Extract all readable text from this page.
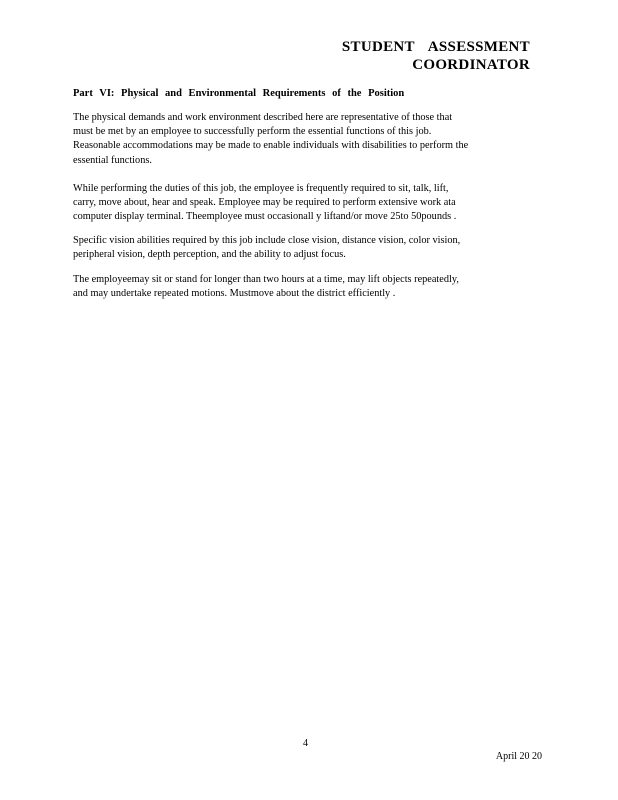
STUDENT ASSESSMENT
COORDINATOR
Part VI: Physical and Environmental Requirements of the Position
The physical demands and work environment described here are representative of those that
must be met by an employee to successfully perform the essential functions of this job.
Reasonable accommodations may be made to enable individuals with disabilities to perform the
essential functions.
While performing the duties of this job, the employee is frequently required to sit, talk, lift,
carry, move about, hear and speak. Employee may be required to perform extensive work ata
computer display terminal. Theemployee must occasionall y liftand/or move 25to 50pounds .
Specific vision abilities required by this job include close vision, distance vision, color vision,
peripheral vision, depth perception, and the ability to adjust focus.
The employeemay sit or stand for longer than two hours at a time, may lift objects repeatedly,
and may undertake repeated motions. Mustmove about the district efficiently .
4
April 20 20
